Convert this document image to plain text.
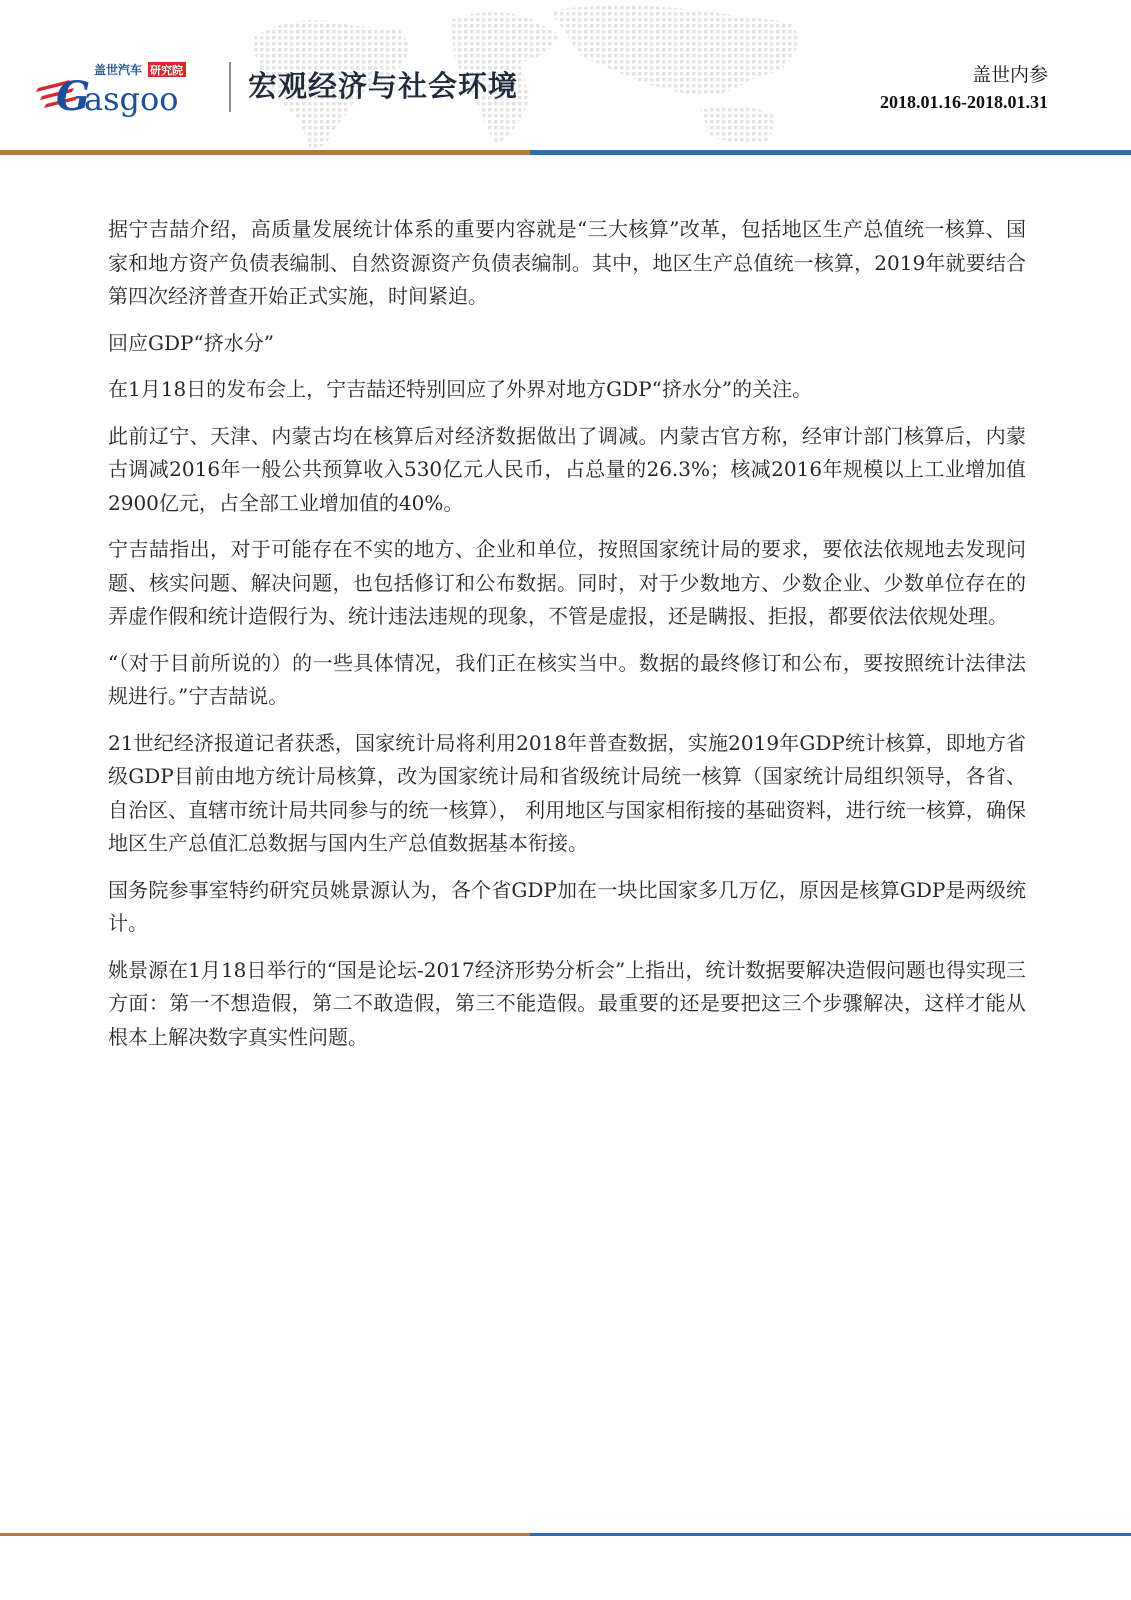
盖世汽车 研究院
G
asgoo 宏观经济与社会环境	盖世内参
2018.01.16-2018.01.31

据宁吉喆介绍，高质量发展统计体系的重要内容就是“三大核算”改革，包括地区生产总值统一核算、国家和地方资产负债表编制、自然资源资产负债表编制。其中，地区生产总值统一核算，2019年就要结合第四次经济普查开始正式实施，时间紧迫。

回应GDP“挤水分”

在1月18日的发布会上，宁吉喆还特别回应了外界对地方GDP“挤水分”的关注。

此前辽宁、天津、内蒙古均在核算后对经济数据做出了调减。内蒙古官方称，经审计部门核算后，内蒙古调减2016年一般公共预算收入530亿元人民币，占总量的26.3%；核减2016年规模以上工业增加值2900亿元，占全部工业增加值的40%。

宁吉喆指出，对于可能存在不实的地方、企业和单位，按照国家统计局的要求，要依法依规地去发现问题、核实问题、解决问题，也包括修订和公布数据。同时，对于少数地方、少数企业、少数单位存在的弄虚作假和统计造假行为、统计违法违规的现象，不管是虚报，还是瞒报、拒报，都要依法依规处理。

“（对于目前所说的）的一些具体情况，我们正在核实当中。数据的最终修订和公布，要按照统计法律法规进行。”宁吉喆说。

21世纪经济报道记者获悉，国家统计局将利用2018年普查数据，实施2019年GDP统计核算，即地方省级GDP目前由地方统计局核算，改为国家统计局和省级统计局统一核算（国家统计局组织领导，各省、自治区、直辖市统计局共同参与的统一核算）， 利用地区与国家相衔接的基础资料，进行统一核算，确保地区生产总值汇总数据与国内生产总值数据基本衔接。

国务院参事室特约研究员姚景源认为，各个省GDP加在一块比国家多几万亿，原因是核算GDP是两级统计。

姚景源在1月18日举行的“国是论坛-2017经济形势分析会”上指出，统计数据要解决造假问题也得实现三方面：第一不想造假，第二不敢造假，第三不能造假。最重要的还是要把这三个步骤解决，这样才能从根本上解决数字真实性问题。
